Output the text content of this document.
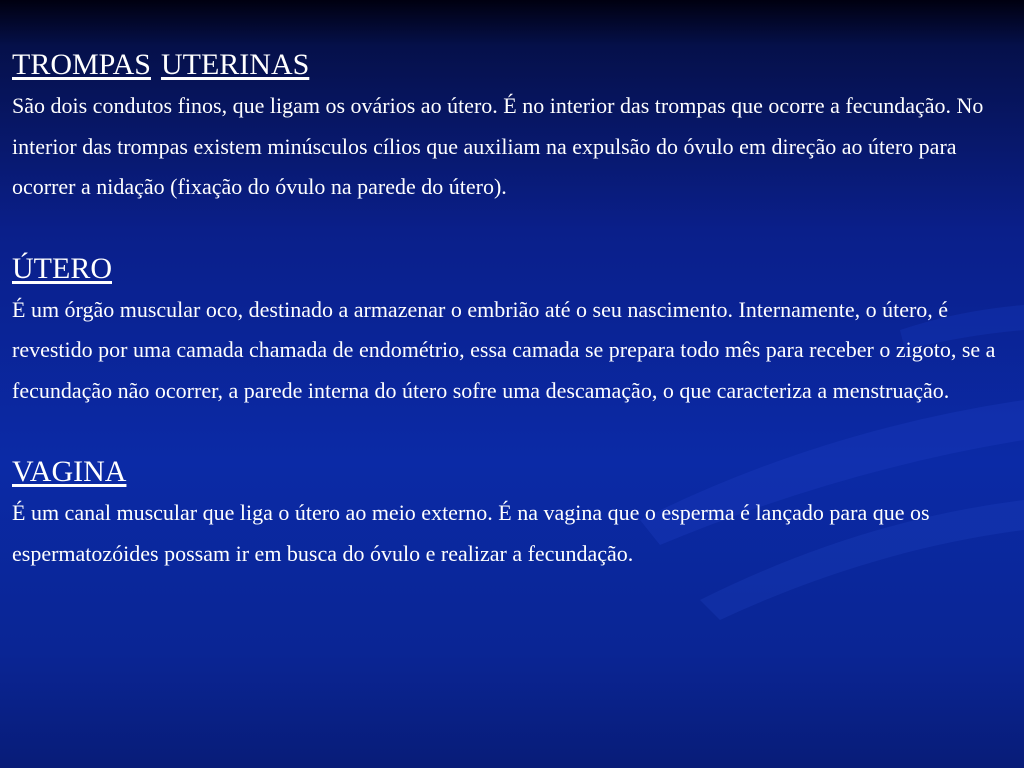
TROMPAS UTERINAS

São dois condutos finos, que ligam os ovários ao útero. É no interior das trompas que ocorre a fecundação. No interior das trompas existem minúsculos cílios que auxiliam na expulsão do óvulo em direção ao útero para ocorrer a nidação (fixação do óvulo na parede do útero).

ÚTERO

É um órgão muscular oco, destinado a armazenar o embrião até o seu nascimento. Internamente, o útero, é revestido por uma camada chamada de endométrio, essa camada se prepara todo mês para receber o zigoto, se a fecundação não ocorrer, a parede interna do útero sofre uma descamação, o que caracteriza a menstruação.

VAGINA

É um canal muscular que liga o útero ao meio externo. É na vagina que o esperma é lançado para que os espermatozóides possam ir em busca do óvulo e realizar a fecundação.
